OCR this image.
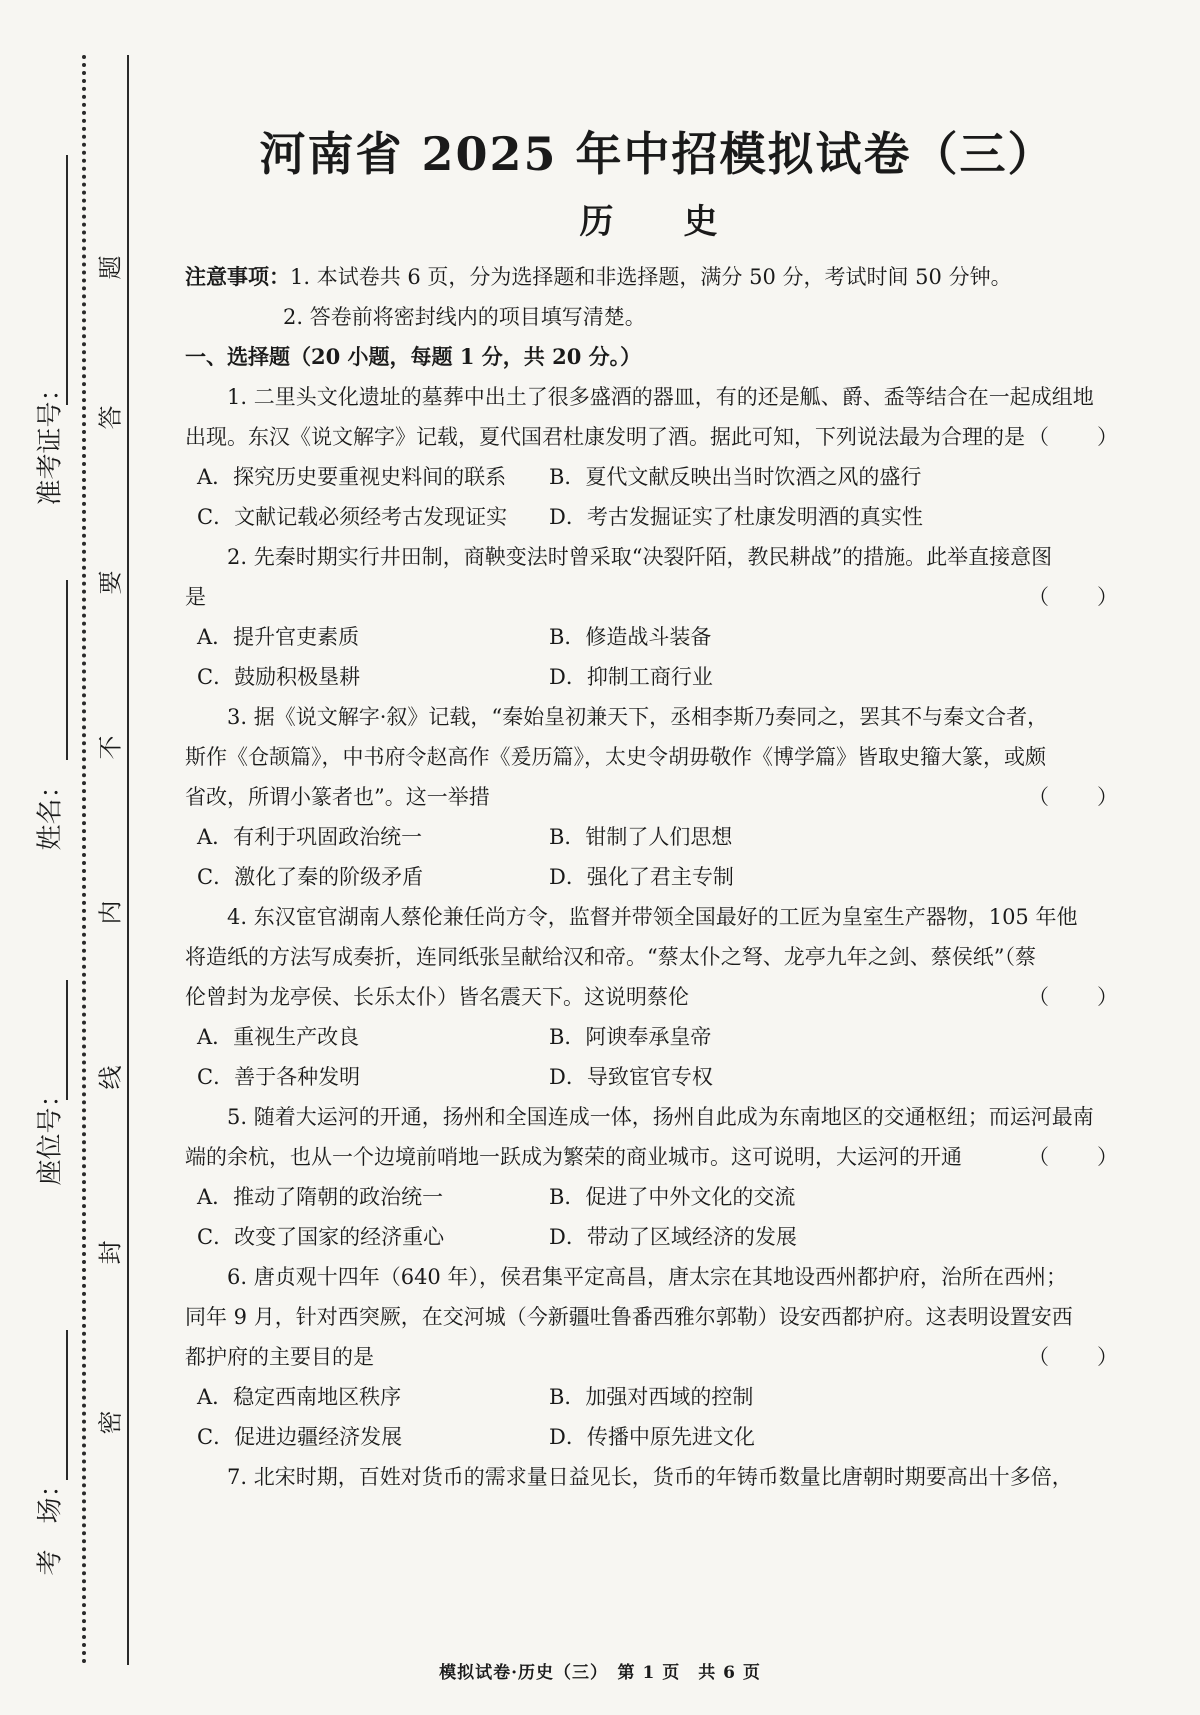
题
答
要
不
内
线
封
密
准考证号：
姓名：
座位号：
考　场：
河南省 2025 年中招模拟试卷（三）
历　史
注意事项：1. 本试卷共 6 页，分为选择题和非选择题，满分 50 分，考试时间 50 分钟。
2. 答卷前将密封线内的项目填写清楚。
一、选择题（20 小题，每题 1 分，共 20 分。）
1. 二里头文化遗址的墓葬中出土了很多盛酒的器皿，有的还是觚、爵、盉等结合在一起成组地
出现。东汉《说文解字》记载，夏代国君杜康发明了酒。据此可知，下列说法最为合理的是 （　　）
A．探究历史要重视史料间的联系	B．夏代文献反映出当时饮酒之风的盛行
C．文献记载必须经考古发现证实	D．考古发掘证实了杜康发明酒的真实性
2. 先秦时期实行井田制，商鞅变法时曾采取“决裂阡陌，教民耕战”的措施。此举直接意图
是	（　　）
A．提升官吏素质	B．修造战斗装备
C．鼓励积极垦耕	D．抑制工商行业
3. 据《说文解字·叙》记载，“秦始皇初兼天下，丞相李斯乃奏同之，罢其不与秦文合者，
斯作《仓颉篇》，中书府令赵高作《爰历篇》，太史令胡毋敬作《博学篇》皆取史籀大篆，或颇
省改，所谓小篆者也”。这一举措	（　　）
A．有利于巩固政治统一	B．钳制了人们思想
C．激化了秦的阶级矛盾	D．强化了君主专制
4. 东汉宦官湖南人蔡伦兼任尚方令，监督并带领全国最好的工匠为皇室生产器物，105 年他
将造纸的方法写成奏折，连同纸张呈献给汉和帝。“蔡太仆之弩、龙亭九年之剑、蔡侯纸”（蔡
伦曾封为龙亭侯、长乐太仆）皆名震天下。这说明蔡伦	（　　）
A．重视生产改良	B．阿谀奉承皇帝
C．善于各种发明	D．导致宦官专权
5. 随着大运河的开通，扬州和全国连成一体，扬州自此成为东南地区的交通枢纽；而运河最南
端的余杭，也从一个边境前哨地一跃成为繁荣的商业城市。这可说明，大运河的开通	（　　）
A．推动了隋朝的政治统一	B．促进了中外文化的交流
C．改变了国家的经济重心	D．带动了区域经济的发展
6. 唐贞观十四年（640 年），侯君集平定高昌，唐太宗在其地设西州都护府，治所在西州；
同年 9 月，针对西突厥，在交河城（今新疆吐鲁番西雅尔郭勒）设安西都护府。这表明设置安西
都护府的主要目的是	（　　）
A．稳定西南地区秩序	B．加强对西域的控制
C．促进边疆经济发展	D．传播中原先进文化
7. 北宋时期，百姓对货币的需求量日益见长，货币的年铸币数量比唐朝时期要高出十多倍，
模拟试卷·历史（三）　第 1 页　共 6 页
